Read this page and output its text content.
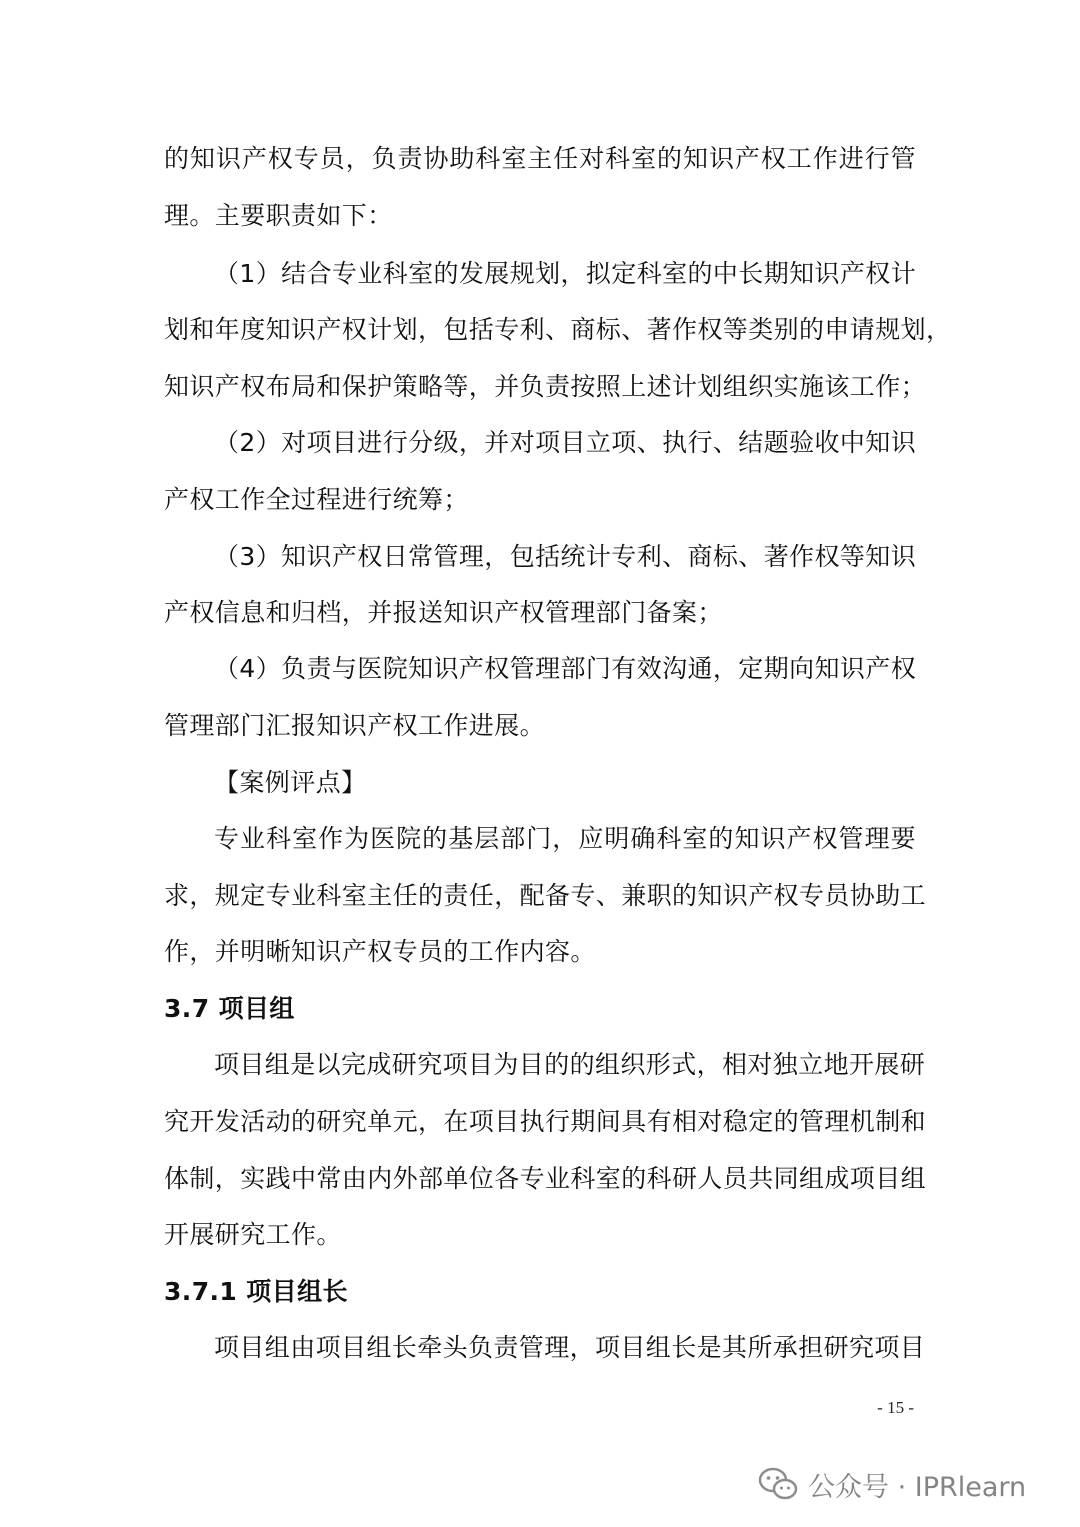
的知识产权专员，负责协助科室主任对科室的知识产权工作进行管
理。主要职责如下：
（1）结合专业科室的发展规划，拟定科室的中长期知识产权计
划和年度知识产权计划，包括专利、商标、著作权等类别的申请规划，
知识产权布局和保护策略等，并负责按照上述计划组织实施该工作；
（2）对项目进行分级，并对项目立项、执行、结题验收中知识
产权工作全过程进行统筹；
（3）知识产权日常管理，包括统计专利、商标、著作权等知识
产权信息和归档，并报送知识产权管理部门备案；
（4）负责与医院知识产权管理部门有效沟通，定期向知识产权
管理部门汇报知识产权工作进展。
【案例评点】
专业科室作为医院的基层部门，应明确科室的知识产权管理要
求，规定专业科室主任的责任，配备专、兼职的知识产权专员协助工
作，并明晰知识产权专员的工作内容。
3.7 项目组
项目组是以完成研究项目为目的的组织形式，相对独立地开展研
究开发活动的研究单元，在项目执行期间具有相对稳定的管理机制和
体制，实践中常由内外部单位各专业科室的科研人员共同组成项目组
开展研究工作。
3.7.1 项目组长
项目组由项目组长牵头负责管理，项目组长是其所承担研究项目
- 15 -
公众号 · IPRlearn
